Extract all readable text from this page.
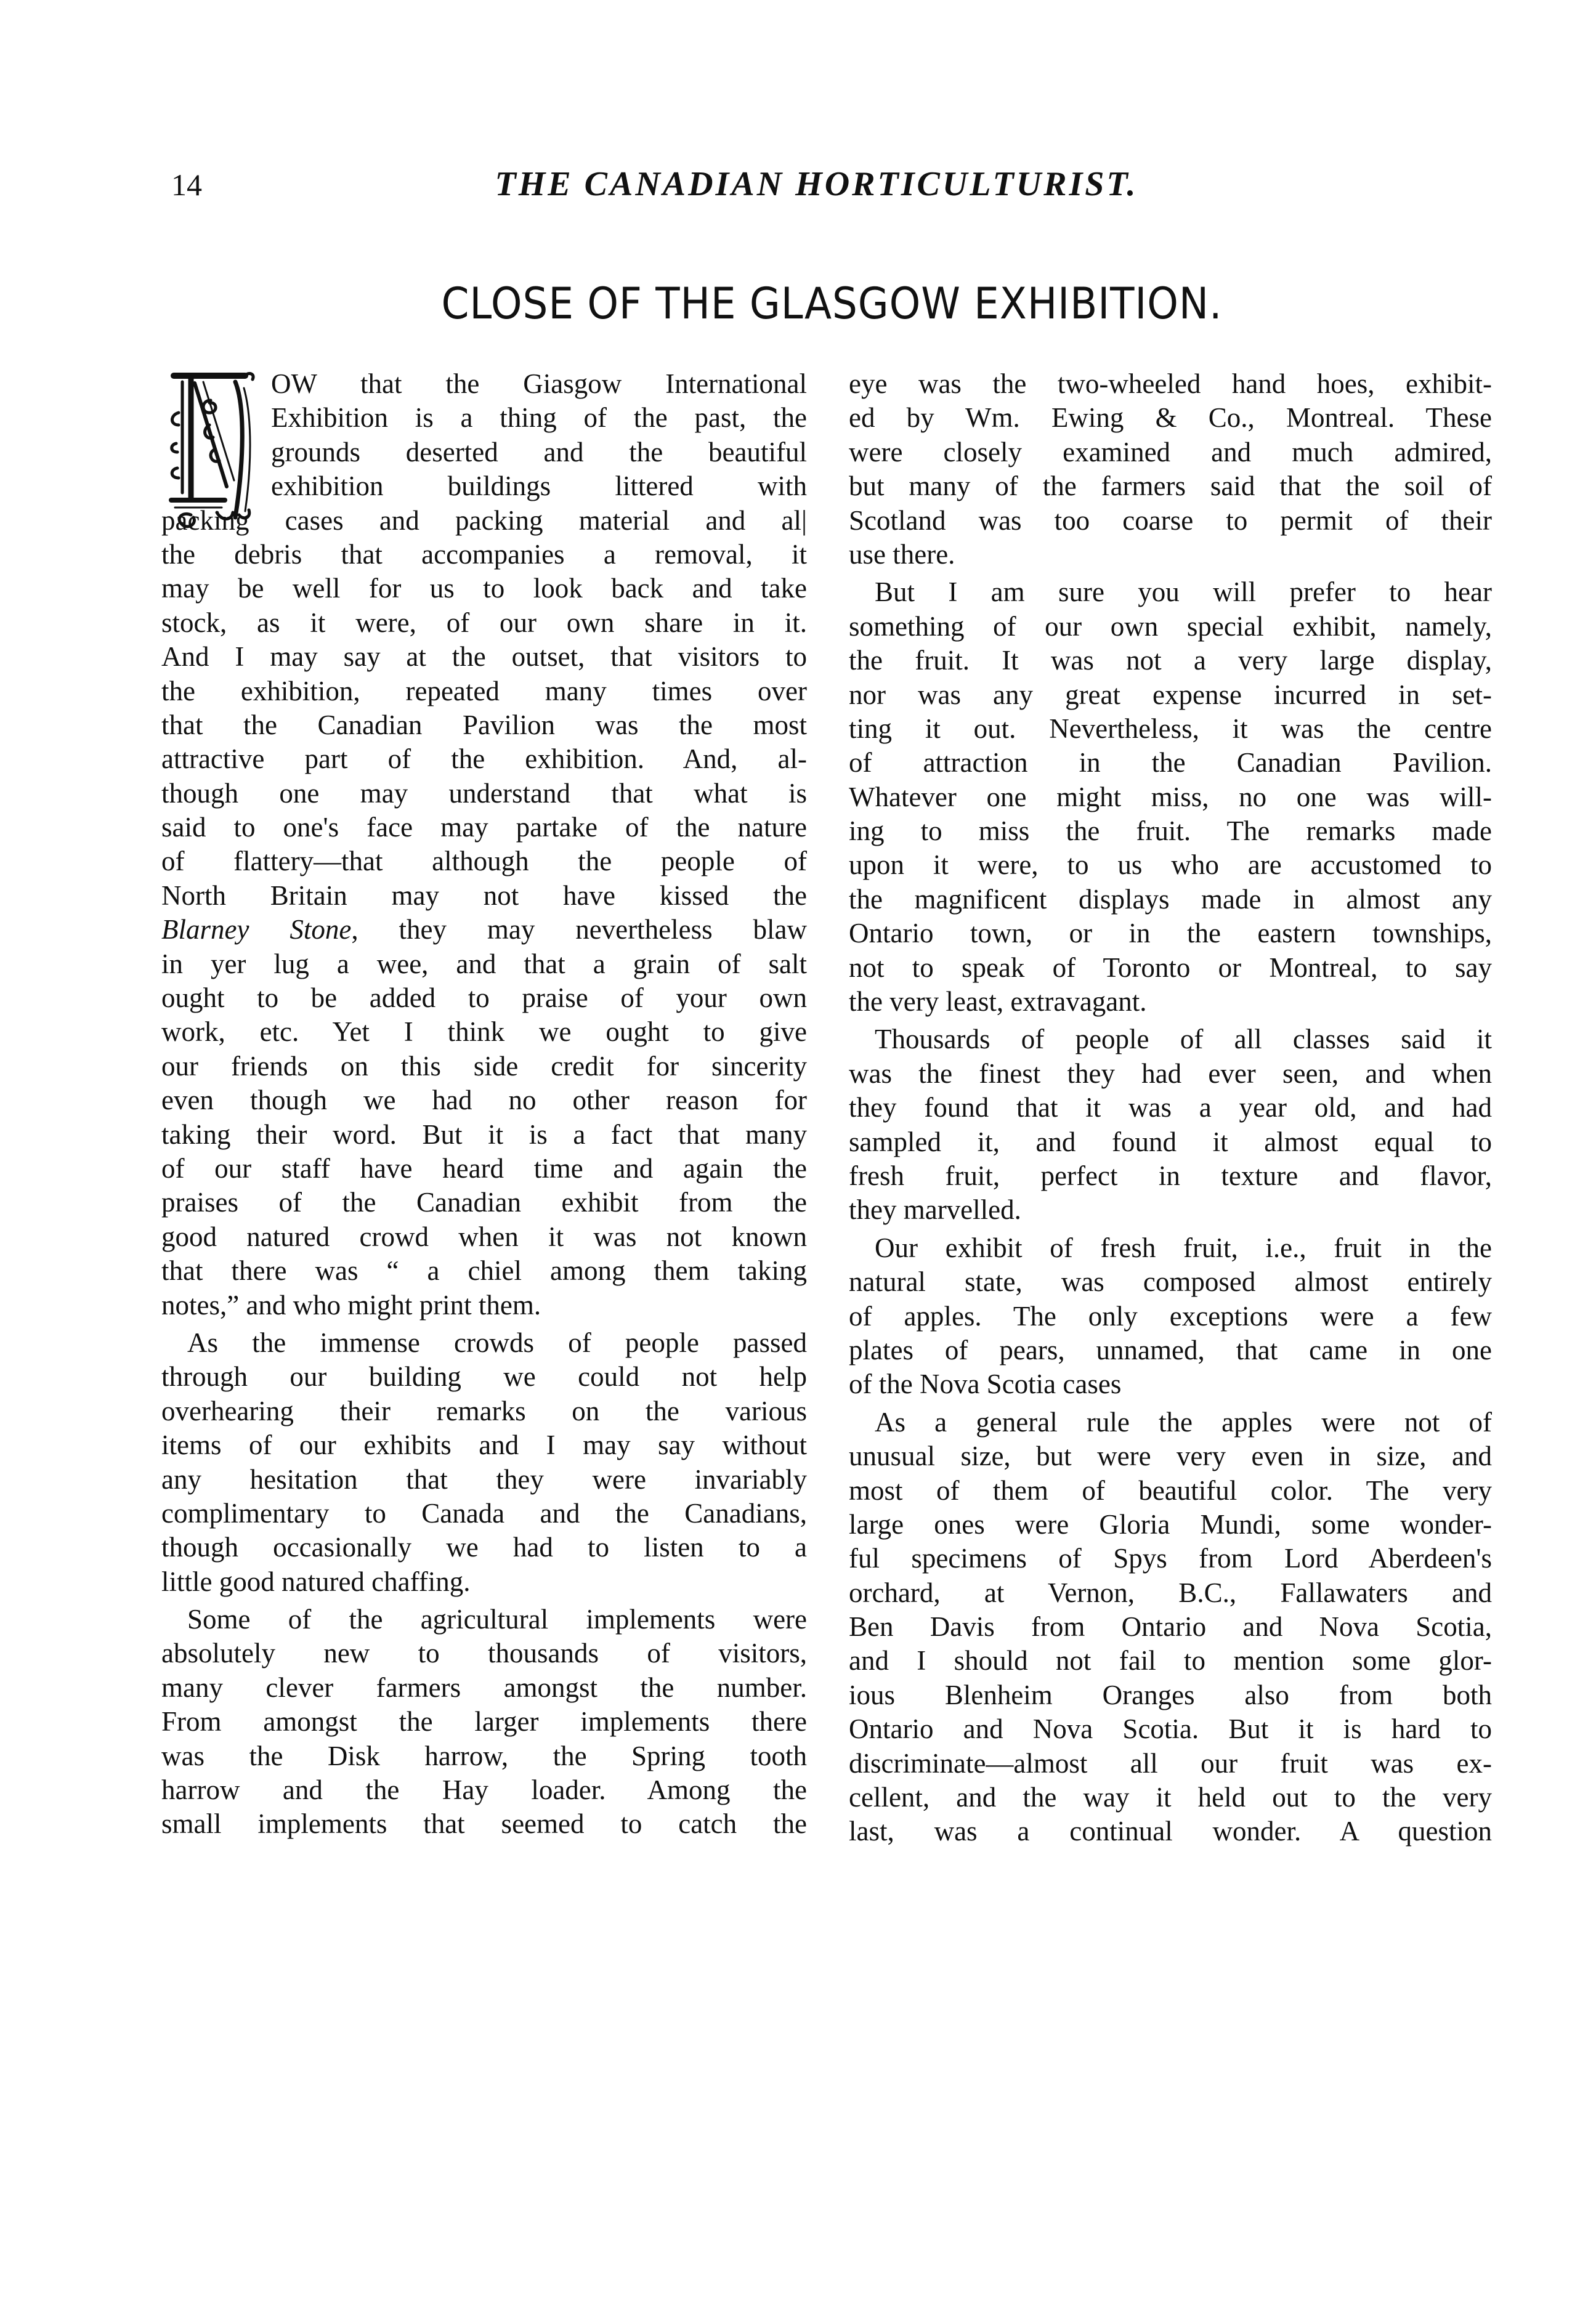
14	THE CANADIAN HORTICULTURIST.
CLOSE OF THE GLASGOW EXHIBITION.
OW that the Giasgow International
Exhibition is a thing of the past, the
grounds deserted and the beautiful
exhibition buildings littered with
packing cases and packing material and al|
the debris that accompanies a removal, it
may be well for us to look back and take
stock, as it were, of our own share in it.
And I may say at the outset, that visitors to
the exhibition, repeated many times over
that the Canadian Pavilion was the most
attractive part of the exhibition. And, al-
though one may understand that what is
said to one's face may partake of the nature
of flattery—that although the people of
North Britain may not have kissed the
Blarney Stone, they may nevertheless blaw
in yer lug a wee, and that a grain of salt
ought to be added to praise of your own
work, etc. Yet I think we ought to give
our friends on this side credit for sincerity
even though we had no other reason for
taking their word. But it is a fact that many
of our staff have heard time and again the
praises of the Canadian exhibit from the
good natured crowd when it was not known
that there was “ a chiel among them taking
notes,” and who might print them.
As the immense crowds of people passed
through our building we could not help
overhearing their remarks on the various
items of our exhibits and I may say without
any hesitation that they were invariably
complimentary to Canada and the Canadians,
though occasionally we had to listen to a
little good natured chaffing.
Some of the agricultural implements were
absolutely new to thousands of visitors,
many clever farmers amongst the number.
From amongst the larger implements there
was the Disk harrow, the Spring tooth
harrow and the Hay loader. Among the
small implements that seemed to catch the
eye was the two-wheeled hand hoes, exhibit-
ed by Wm. Ewing & Co., Montreal. These
were closely examined and much admired,
but many of the farmers said that the soil of
Scotland was too coarse to permit of their
use there.
But I am sure you will prefer to hear
something of our own special exhibit, namely,
the fruit. It was not a very large display,
nor was any great expense incurred in set-
ting it out. Nevertheless, it was the centre
of attraction in the Canadian Pavilion.
Whatever one might miss, no one was will-
ing to miss the fruit. The remarks made
upon it were, to us who are accustomed to
the magnificent displays made in almost any
Ontario town, or in the eastern townships,
not to speak of Toronto or Montreal, to say
the very least, extravagant.
Thousards of people of all classes said it
was the finest they had ever seen, and when
they found that it was a year old, and had
sampled it, and found it almost equal to
fresh fruit, perfect in texture and flavor,
they marvelled.
Our exhibit of fresh fruit, i.e., fruit in the
natural state, was composed almost entirely
of apples. The only exceptions were a few
plates of pears, unnamed, that came in one
of the Nova Scotia cases
As a general rule the apples were not of
unusual size, but were very even in size, and
most of them of beautiful color. The very
large ones were Gloria Mundi, some wonder-
ful specimens of Spys from Lord Aberdeen's
orchard, at Vernon, B.C., Fallawaters and
Ben Davis from Ontario and Nova Scotia,
and I should not fail to mention some glor-
ious Blenheim Oranges also from both
Ontario and Nova Scotia. But it is hard to
discriminate—almost all our fruit was ex-
cellent, and the way it held out to the very
last, was a continual wonder. A question
